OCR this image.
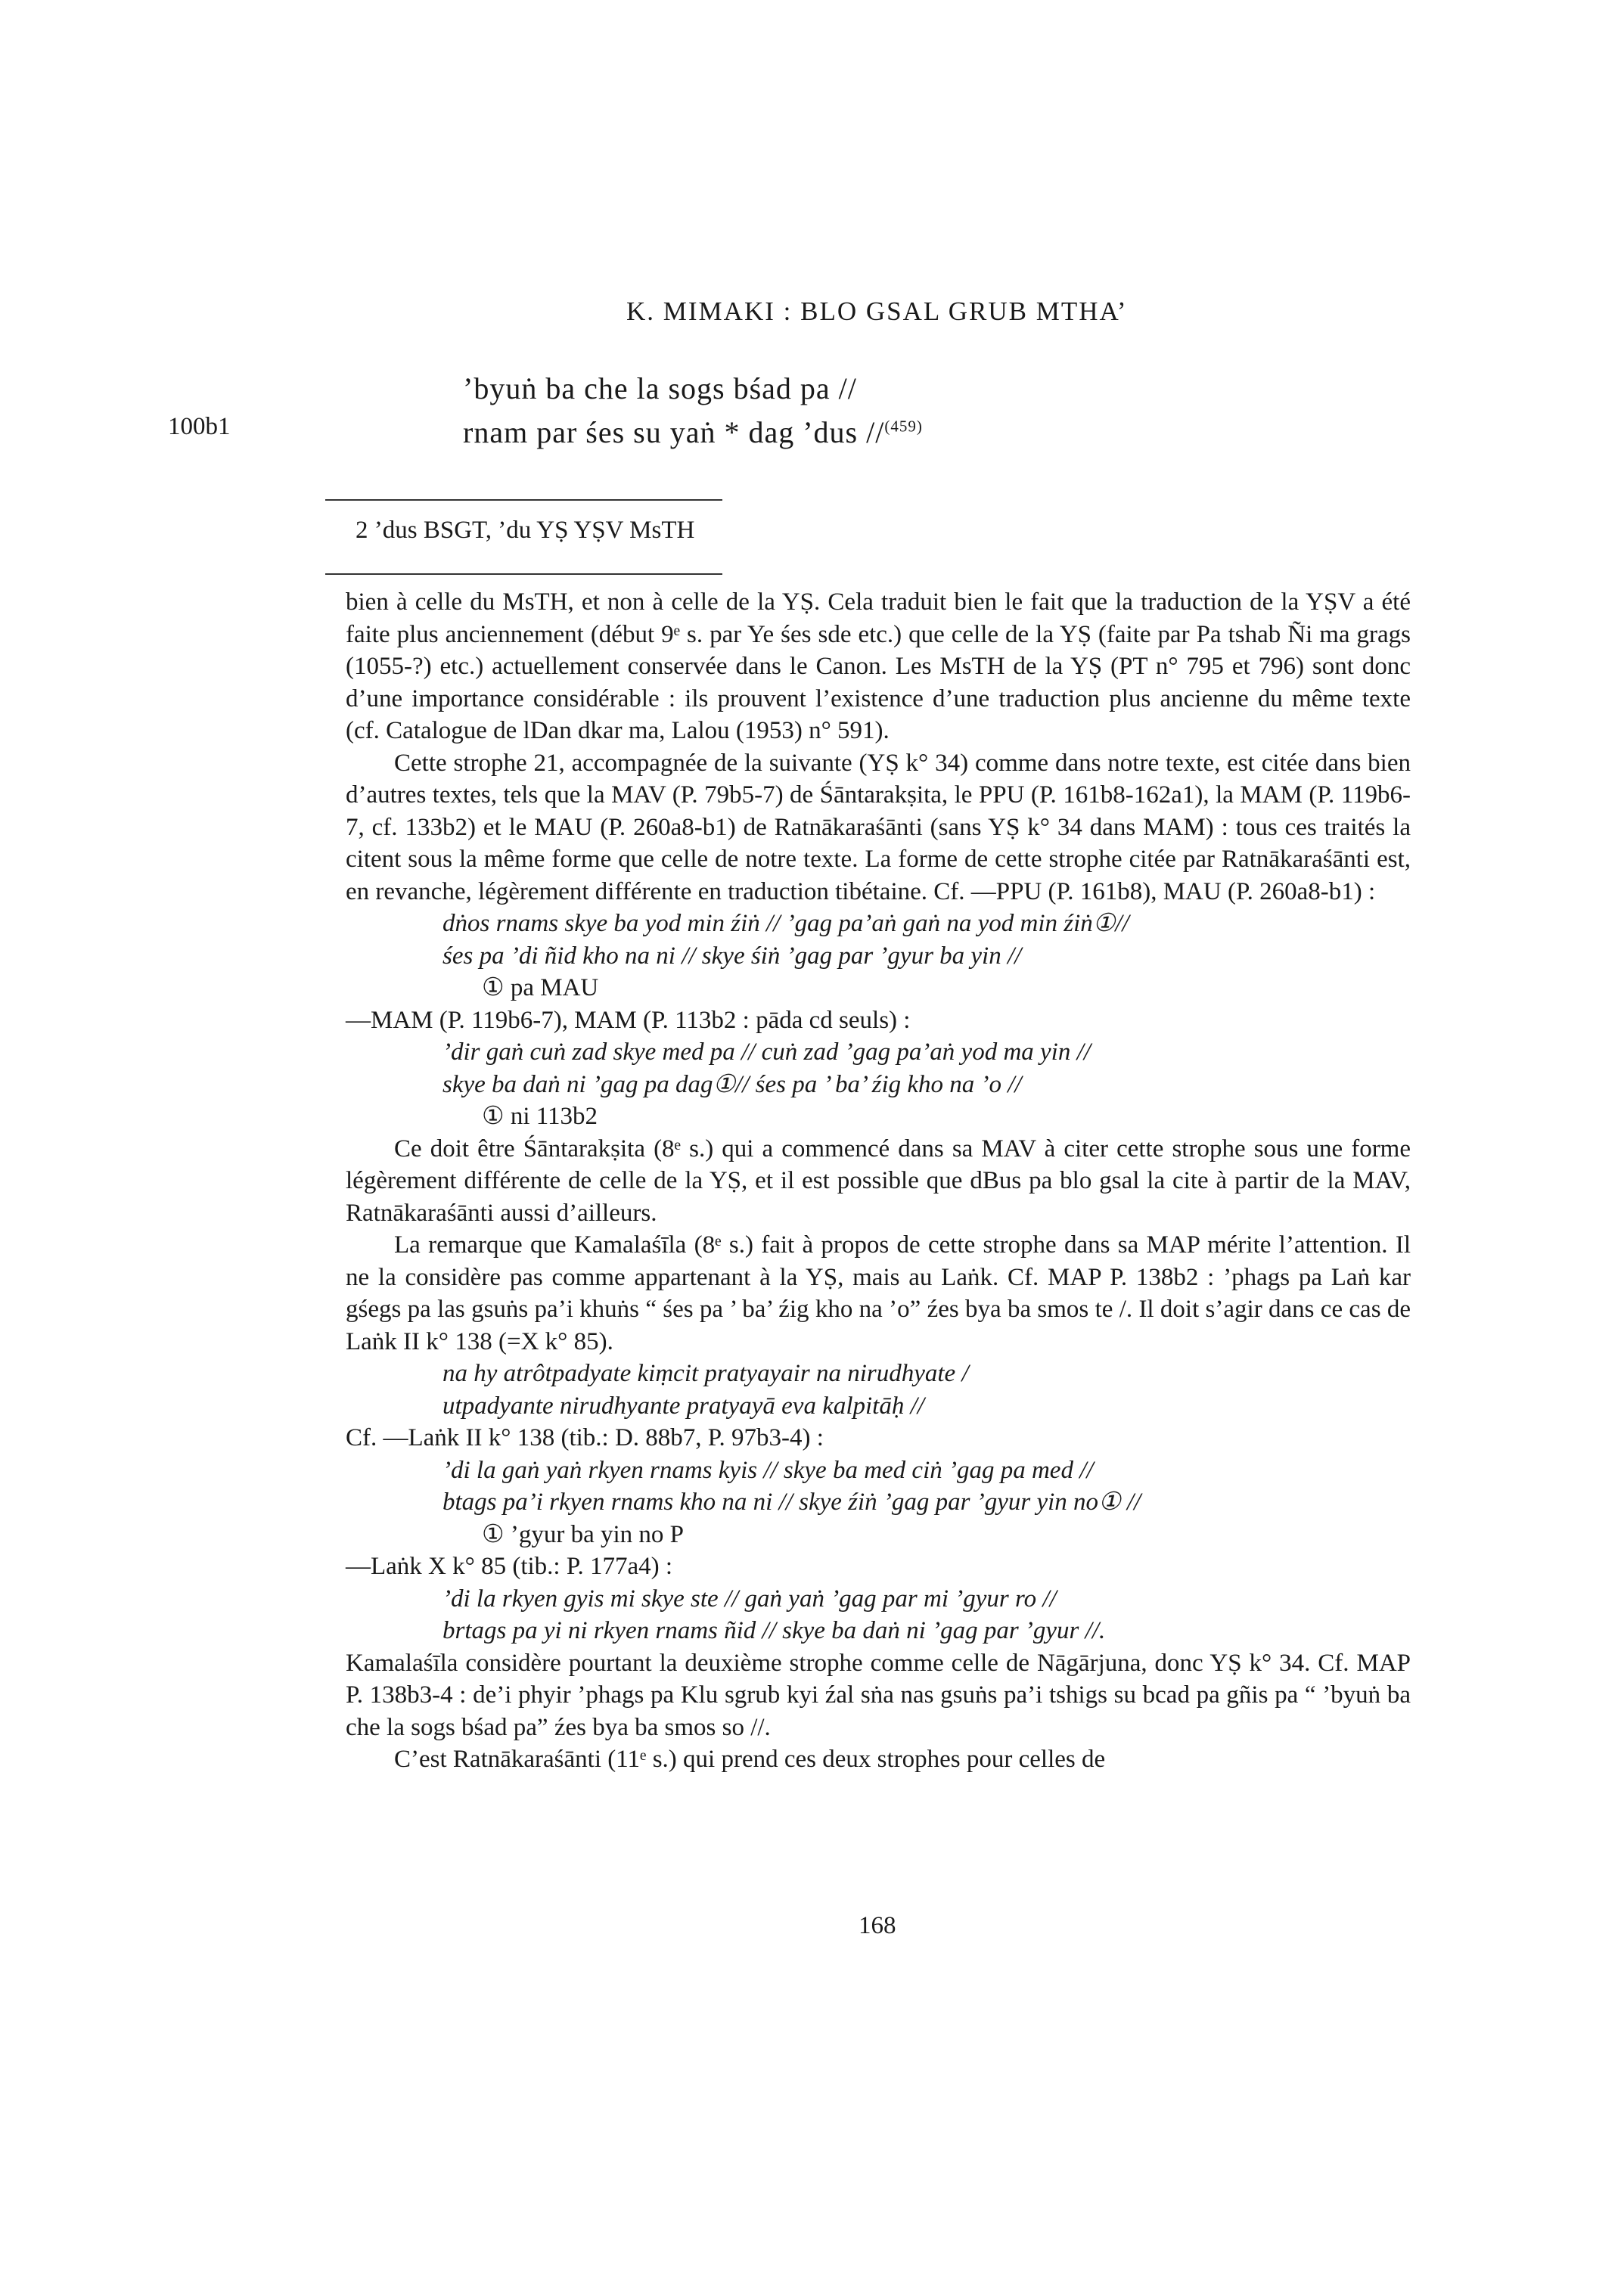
K. MIMAKI : BLO GSAL GRUB MTHA’
’byuṅ ba che la sogs bśad pa //
rnam par śes su yaṅ * dag ’dus //$^{(459)}$
100b1
2 ’dus BSGT, ’du YṢ YṢV MsTH

bien à celle du MsTH, et non à celle de la YṢ. Cela traduit bien le fait que la traduction de la YṢV a été faite plus anciennement (début 9ᵉ s. par Ye śes sde etc.) que celle de la YṢ (faite par Pa tshab Ñi ma grags (1055-?) etc.) actuellement conservée dans le Canon. Les MsTH de la YṢ (PT n° 795 et 796) sont donc d’une importance considérable : ils prouvent l’existence d’une traduction plus ancienne du même texte (cf. Catalogue de lDan dkar ma, Lalou (1953) n° 591).

Cette strophe 21, accompagnée de la suivante (YṢ k° 34) comme dans notre texte, est citée dans bien d’autres textes, tels que la MAV (P. 79b5-7) de Śāntarakṣita, le PPU (P. 161b8-162a1), la MAM (P. 119b6-7, cf. 133b2) et le MAU (P. 260a8-b1) de Ratnākaraśānti (sans YṢ k° 34 dans MAM) : tous ces traités la citent sous la même forme que celle de notre texte. La forme de cette strophe citée par Ratnākaraśānti est, en revanche, légèrement différente en traduction tibétaine. Cf. —PPU (P. 161b8), MAU (P. 260a8-b1) :

dṅos rnams skye ba yod min źiṅ // ’gag pa’aṅ gaṅ na yod min źiṅ①//

śes pa ’di ñid kho na ni // skye śiṅ ’gag par ’gyur ba yin //

① pa MAU

—MAM (P. 119b6-7), MAM (P. 113b2 : pāda cd seuls) :

’dir gaṅ cuṅ zad skye med pa // cuṅ zad ’gag pa’aṅ yod ma yin //

skye ba daṅ ni ’gag pa dag①// śes pa ’ ba’ źig kho na ’o //

① ni 113b2

Ce doit être Śāntarakṣita (8ᵉ s.) qui a commencé dans sa MAV à citer cette strophe sous une forme légèrement différente de celle de la YṢ, et il est possible que dBus pa blo gsal la cite à partir de la MAV, Ratnākaraśānti aussi d’ailleurs.

La remarque que Kamalaśīla (8ᵉ s.) fait à propos de cette strophe dans sa MAP mérite l’attention. Il ne la considère pas comme appartenant à la YṢ, mais au Laṅk. Cf. MAP P. 138b2 : ’phags pa Laṅ kar gśegs pa las gsuṅs pa’i khuṅs “ śes pa ’ ba’ źig kho na ’o” źes bya ba smos te /. Il doit s’agir dans ce cas de Laṅk II k° 138 (=X k° 85).

na hy atrôtpadyate kiṃcit pratyayair na nirudhyate /

utpadyante nirudhyante pratyayā eva kalpitāḥ //

Cf. —Laṅk II k° 138 (tib.: D. 88b7, P. 97b3-4) :

’di la gaṅ yaṅ rkyen rnams kyis // skye ba med ciṅ ’gag pa med //

btags pa’i rkyen rnams kho na ni // skye źiṅ ’gag par ’gyur yin no① //

① ’gyur ba yin no P

—Laṅk X k° 85 (tib.: P. 177a4) :

’di la rkyen gyis mi skye ste // gaṅ yaṅ ’gag par mi ’gyur ro //

brtags pa yi ni rkyen rnams ñid // skye ba daṅ ni ’gag par ’gyur //.

Kamalaśīla considère pourtant la deuxième strophe comme celle de Nāgārjuna, donc YṢ k° 34. Cf. MAP P. 138b3-4 : de’i phyir ’phags pa Klu sgrub kyi źal sṅa nas gsuṅs pa’i tshigs su bcad pa gñis pa “ ’byuṅ ba che la sogs bśad pa” źes bya ba smos so //.

C’est Ratnākaraśānti (11ᵉ s.) qui prend ces deux strophes pour celles de

168
